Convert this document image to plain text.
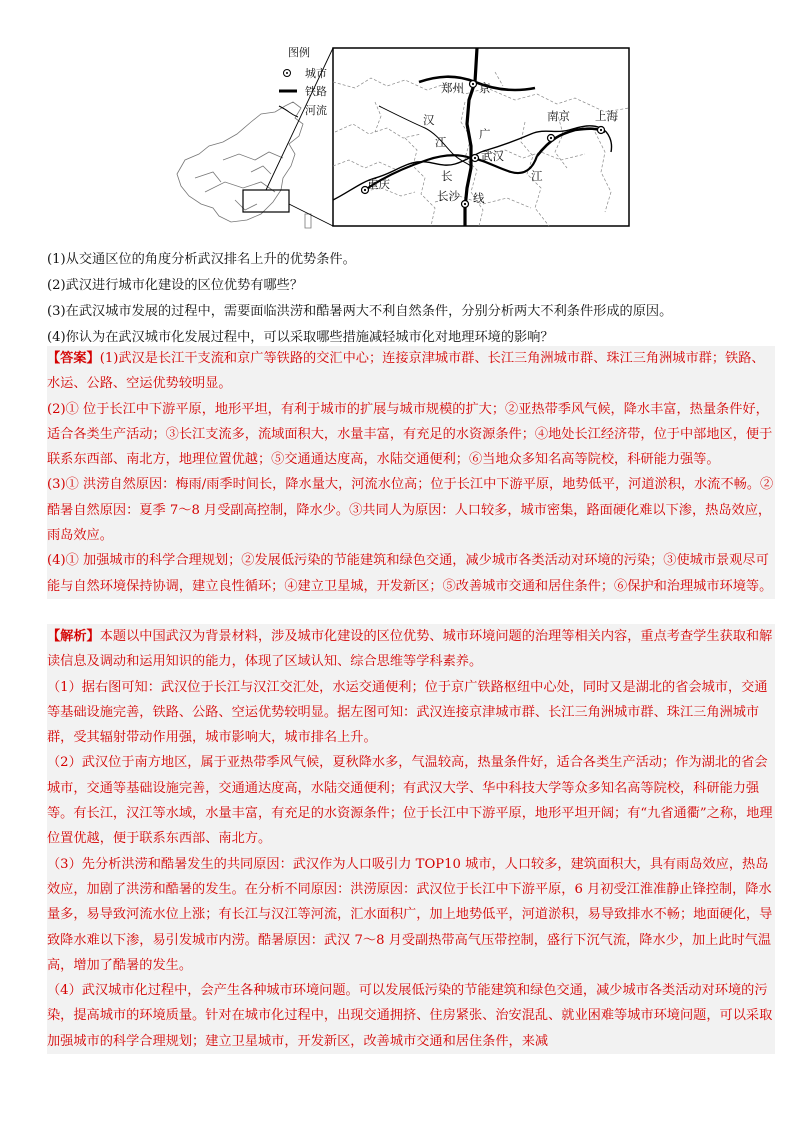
图例
城市
铁路
河流
郑州 京
汉
江
广
武汉
南京 上海
重庆
长
长沙 线
江
(1)从交通区位的角度分析武汉排名上升的优势条件。
(2)武汉进行城市化建设的区位优势有哪些？
(3)在武汉城市发展的过程中，需要面临洪涝和酷暑两大不利自然条件，分别分析两大不利条件形成的原因。
(4)你认为在武汉城市化发展过程中，可以采取哪些措施减轻城市化对地理环境的影响？

【答案】(1)武汉是长江干支流和京广等铁路的交汇中心；连接京津城市群、长江三角洲城市群、珠江三角洲城市群；铁路、水运、公路、空运优势较明显。

(2)① 位于长江中下游平原，地形平坦，有利于城市的扩展与城市规模的扩大；②亚热带季风气候，降水丰富，热量条件好，适合各类生产活动；③长江支流多，流域面积大，水量丰富，有充足的水资源条件；④地处长江经济带，位于中部地区，便于联系东西部、南北方，地理位置优越；⑤交通通达度高，水陆交通便利；⑥当地众多知名高等院校，科研能力强等。

(3)① 洪涝自然原因：梅雨/雨季时间长，降水量大，河流水位高；位于长江中下游平原，地势低平，河道淤积，水流不畅。②酷暑自然原因：夏季 7～8 月受副高控制，降水少。③共同人为原因：人口较多，城市密集，路面硬化难以下渗，热岛效应，雨岛效应。

(4)① 加强城市的科学合理规划；②发展低污染的节能建筑和绿色交通，减少城市各类活动对环境的污染；③使城市景观尽可能与自然环境保持协调，建立良性循环；④建立卫星城，开发新区；⑤改善城市交通和居住条件；⑥保护和治理城市环境等。

【解析】本题以中国武汉为背景材料，涉及城市化建设的区位优势、城市环境问题的治理等相关内容，重点考查学生获取和解读信息及调动和运用知识的能力，体现了区域认知、综合思维等学科素养。

（1）据右图可知：武汉位于长江与汉江交汇处，水运交通便利；位于京广铁路枢纽中心处，同时又是湖北的省会城市，交通等基础设施完善，铁路、公路、空运优势较明显。据左图可知：武汉连接京津城市群、长江三角洲城市群、珠江三角洲城市群，受其辐射带动作用强，城市影响大，城市排名上升。

（2）武汉位于南方地区，属于亚热带季风气候，夏秋降水多，气温较高，热量条件好，适合各类生产活动；作为湖北的省会城市，交通等基础设施完善，交通通达度高，水陆交通便利；有武汉大学、华中科技大学等众多知名高等院校，科研能力强等。有长江，汉江等水域，水量丰富，有充足的水资源条件；位于长江中下游平原，地形平坦开阔；有“九省通衢”之称，地理位置优越，便于联系东西部、南北方。

（3）先分析洪涝和酷暑发生的共同原因：武汉作为人口吸引力 TOP10 城市，人口较多，建筑面积大，具有雨岛效应，热岛效应，加剧了洪涝和酷暑的发生。在分析不同原因：洪涝原因：武汉位于长江中下游平原，6 月初受江淮准静止锋控制，降水量多，易导致河流水位上涨；有长江与汉江等河流，汇水面积广，加上地势低平，河道淤积，易导致排水不畅；地面硬化，导致降水难以下渗，易引发城市内涝。酷暑原因：武汉 7～8 月受副热带高气压带控制，盛行下沉气流，降水少，加上此时气温高，增加了酷暑的发生。

（4）武汉城市化过程中，会产生各种城市环境问题。可以发展低污染的节能建筑和绿色交通，减少城市各类活动对环境的污染，提高城市的环境质量。针对在城市化过程中，出现交通拥挤、住房紧张、治安混乱、就业困难等城市环境问题，可以采取加强城市的科学合理规划；建立卫星城市，开发新区，改善城市交通和居住条件，来减
